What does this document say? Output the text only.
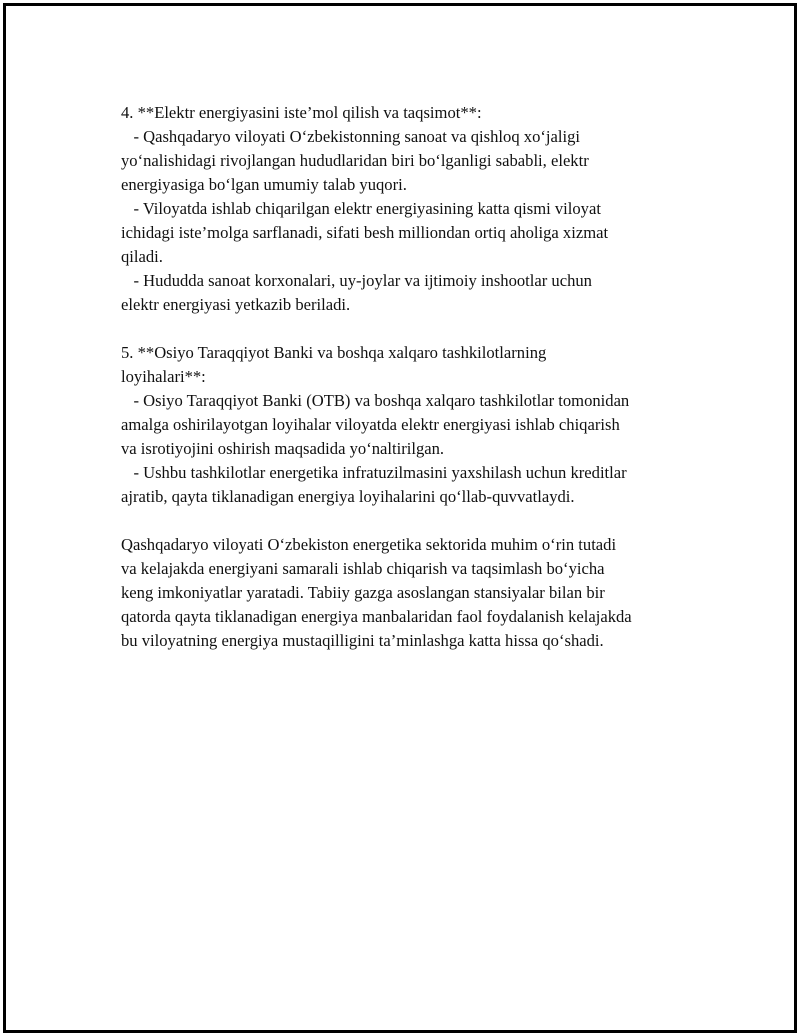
4. **Elektr energiyasini iste’mol qilish va taqsimot**:
- Qashqadaryo viloyati O‘zbekistonning sanoat va qishloq xo‘jaligi
yo‘nalishidagi rivojlangan hududlaridan biri bo‘lganligi sababli, elektr
energiyasiga bo‘lgan umumiy talab yuqori.
- Viloyatda ishlab chiqarilgan elektr energiyasining katta qismi viloyat
ichidagi iste’molga sarflanadi, sifati besh milliondan ortiq aholiga xizmat
qiladi.
- Hududda sanoat korxonalari, uy-joylar va ijtimoiy inshootlar uchun
elektr energiyasi yetkazib beriladi.
5. **Osiyo Taraqqiyot Banki va boshqa xalqaro tashkilotlarning
loyihalari**:
- Osiyo Taraqqiyot Banki (OTB) va boshqa xalqaro tashkilotlar tomonidan
amalga oshirilayotgan loyihalar viloyatda elektr energiyasi ishlab chiqarish
va isrotiyojini oshirish maqsadida yo‘naltirilgan.
- Ushbu tashkilotlar energetika infratuzilmasini yaxshilash uchun kreditlar
ajratib, qayta tiklanadigan energiya loyihalarini qo‘llab-quvvatlaydi.
Qashqadaryo viloyati O‘zbekiston energetika sektorida muhim o‘rin tutadi
va kelajakda energiyani samarali ishlab chiqarish va taqsimlash bo‘yicha
keng imkoniyatlar yaratadi. Tabiiy gazga asoslangan stansiyalar bilan bir
qatorda qayta tiklanadigan energiya manbalaridan faol foydalanish kelajakda
bu viloyatning energiya mustaqilligini ta’minlashga katta hissa qo‘shadi.
